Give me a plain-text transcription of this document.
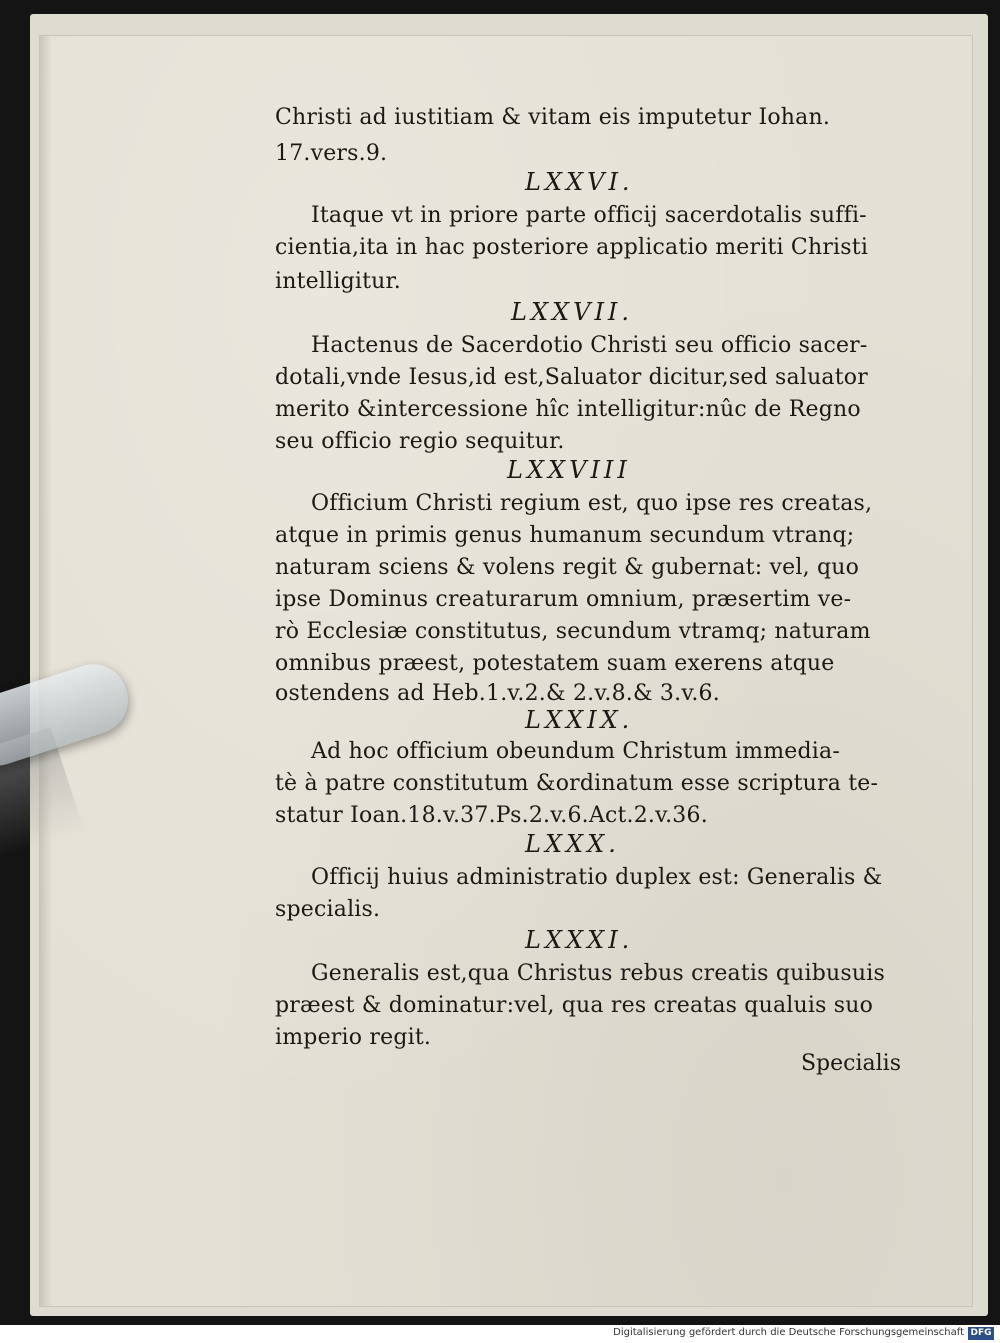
Christi ad iustitiam & vitam eis imputetur Iohan.
17.vers.9.
LXXVI.
Itaque vt in priore parte officij sacerdotalis suffi-
cientia,ita in hac posteriore applicatio meriti Christi
intelligitur.
LXXVII.
Hactenus de Sacerdotio Christi seu officio sacer-
dotali,vnde Iesus,id est,Saluator dicitur,sed saluator
merito &intercessione hîc intelligitur:nûc de Regno
seu officio regio sequitur.
LXXVIII
Officium Christi regium est, quo ipse res creatas,
atque in primis genus humanum secundum vtranq;
naturam sciens & volens regit & gubernat: vel, quo
ipse Dominus creaturarum omnium, præsertim ve-
rò Ecclesiæ constitutus, secundum vtramq; naturam
omnibus præest, potestatem suam exerens atque
ostendens ad Heb.1.v.2.& 2.v.8.& 3.v.6.
LXXIX.
Ad hoc officium obeundum Christum immedia-
tè à patre constitutum &ordinatum esse scriptura te-
statur Ioan.18.v.37.Ps.2.v.6.Act.2.v.36.
LXXX.
Officij huius administratio duplex est: Generalis &
specialis.
LXXXI.
Generalis est,qua Christus rebus creatis quibusuis
præest & dominatur:vel, qua res creatas qualuis suo
imperio regit.
Specialis
Digitalisierung gefördert durch die Deutsche Forschungsgemeinschaft DFG
